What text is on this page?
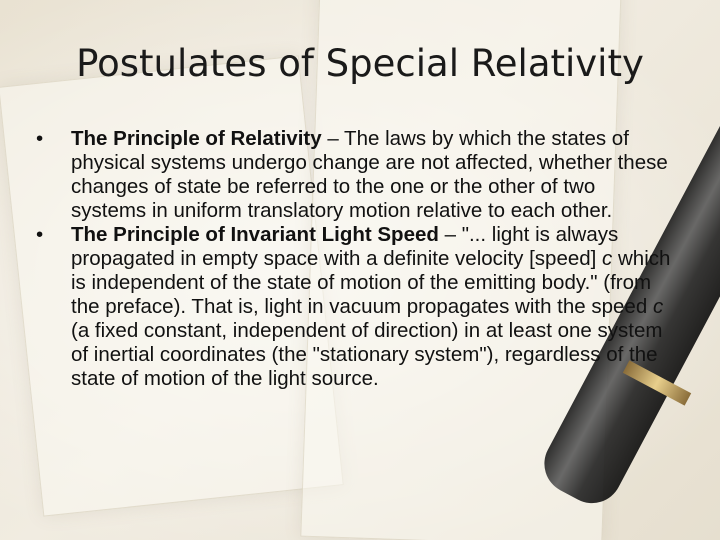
Postulates of Special Relativity

• The Principle of Relativity – The laws by which the states of physical systems undergo change are not affected, whether these changes of state be referred to the one or the other of two systems in uniform translatory motion relative to each other.

• The Principle of Invariant Light Speed – "... light is always propagated in empty space with a definite velocity [speed] c which is independent of the state of motion of the emitting body." (from the preface). That is, light in vacuum propagates with the speed c (a fixed constant, independent of direction) in at least one system of inertial coordinates (the "stationary system"), regardless of the state of motion of the light source.
